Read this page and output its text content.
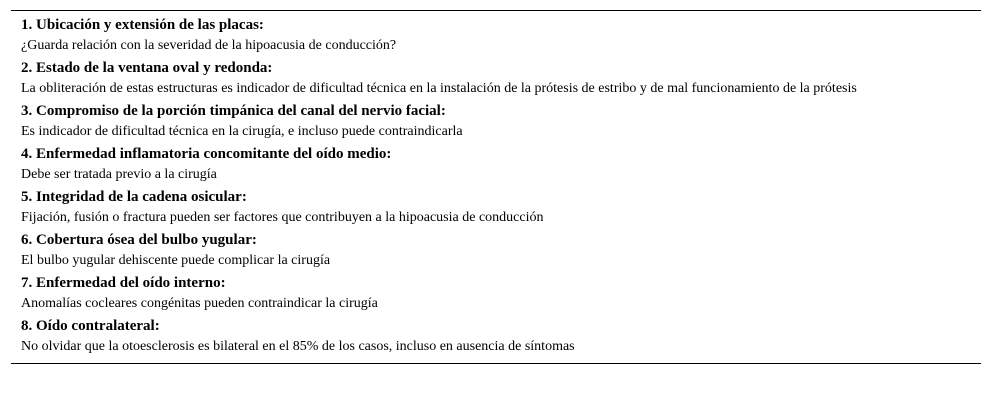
1. Ubicación y extensión de las placas:
¿Guarda relación con la severidad de la hipoacusia de conducción?
2. Estado de la ventana oval y redonda:
La obliteración de estas estructuras es indicador de dificultad técnica en la instalación de la prótesis de estribo y de mal funcionamiento de la prótesis
3. Compromiso de la porción timpánica del canal del nervio facial:
Es indicador de dificultad técnica en la cirugía, e incluso puede contraindicarla
4. Enfermedad inflamatoria concomitante del oído medio:
Debe ser tratada previo a la cirugía
5. Integridad de la cadena osicular:
Fijación, fusión o fractura pueden ser factores que contribuyen a la hipoacusia de conducción
6. Cobertura ósea del bulbo yugular:
El bulbo yugular dehiscente puede complicar la cirugía
7. Enfermedad del oído interno:
Anomalías cocleares congénitas pueden contraindicar la cirugía
8. Oído contralateral:
No olvidar que la otoesclerosis es bilateral en el 85% de los casos, incluso en ausencia de síntomas
